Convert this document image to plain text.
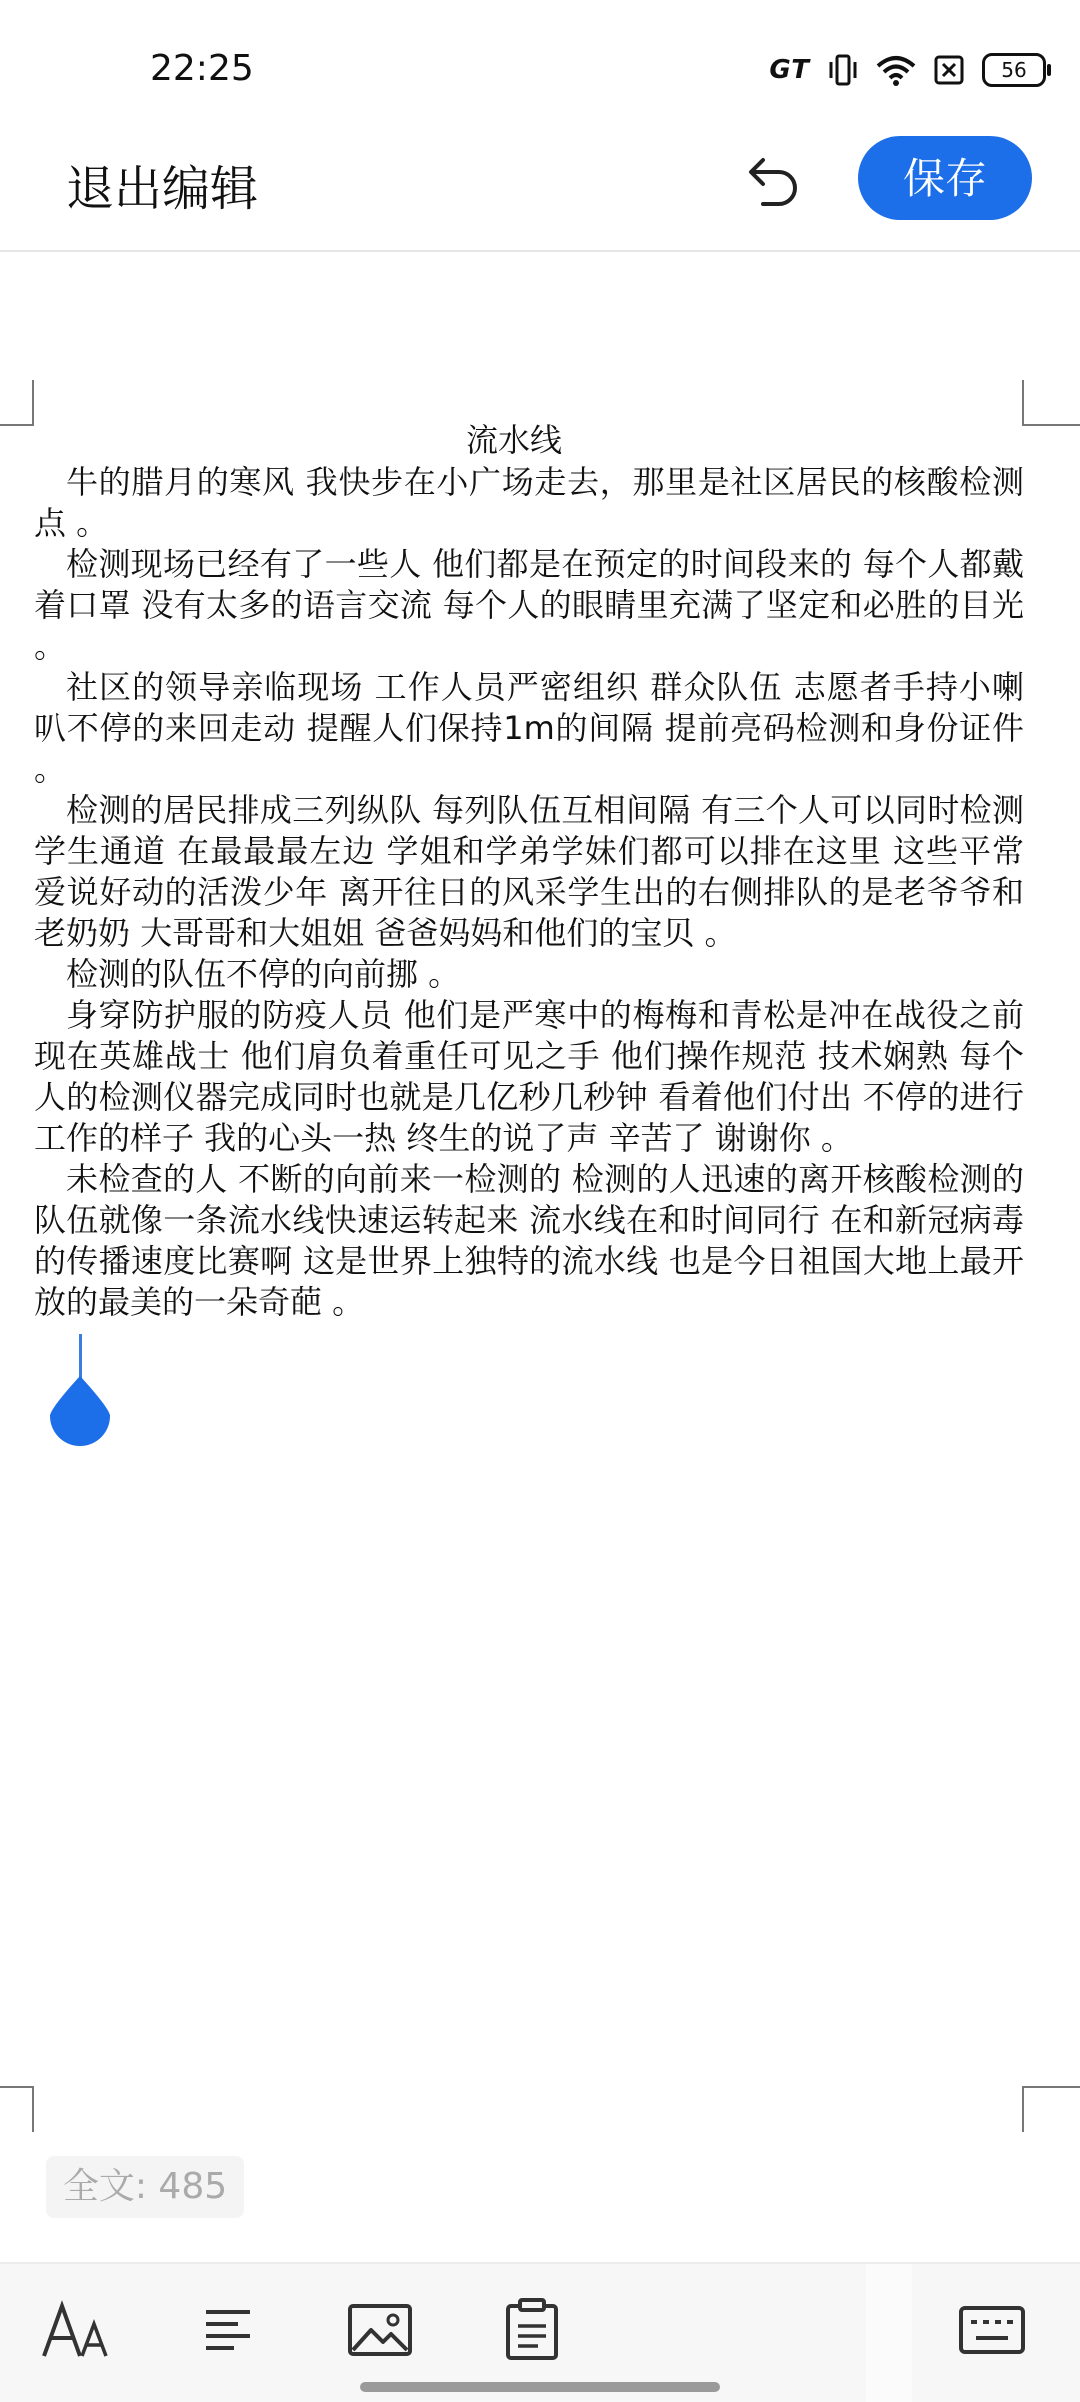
22:25	GT	56
退出编辑	保存

流水线

牛的腊月的寒风 我快步在小广场走去，那里是社区居民的核酸检测点 。

检测现场已经有了一些人 他们都是在预定的时间段来的 每个人都戴着口罩 没有太多的语言交流 每个人的眼睛里充满了坚定和必胜的目光 。

社区的领导亲临现场 工作人员严密组织 群众队伍 志愿者手持小喇叭不停的来回走动 提醒人们保持1m的间隔 提前亮码检测和身份证件 。

检测的居民排成三列纵队 每列队伍互相间隔 有三个人可以同时检测学生通道 在最最最左边 学姐和学弟学妹们都可以排在这里 这些平常爱说好动的活泼少年 离开往日的风采学生出的右侧排队的是老爷爷和老奶奶 大哥哥和大姐姐 爸爸妈妈和他们的宝贝 。

检测的队伍不停的向前挪 。

身穿防护服的防疫人员 他们是严寒中的梅梅和青松是冲在战役之前现在英雄战士 他们肩负着重任可见之手 他们操作规范 技术娴熟 每个人的检测仪器完成同时也就是几亿秒几秒钟 看着他们付出 不停的进行工作的样子 我的心头一热 终生的说了声 辛苦了 谢谢你 。

未检查的人 不断的向前来一检测的 检测的人迅速的离开核酸检测的队伍就像一条流水线快速运转起来 流水线在和时间同行 在和新冠病毒的传播速度比赛啊 这是世界上独特的流水线 也是今日祖国大地上最开放的最美的一朵奇葩 。

全文: 485
